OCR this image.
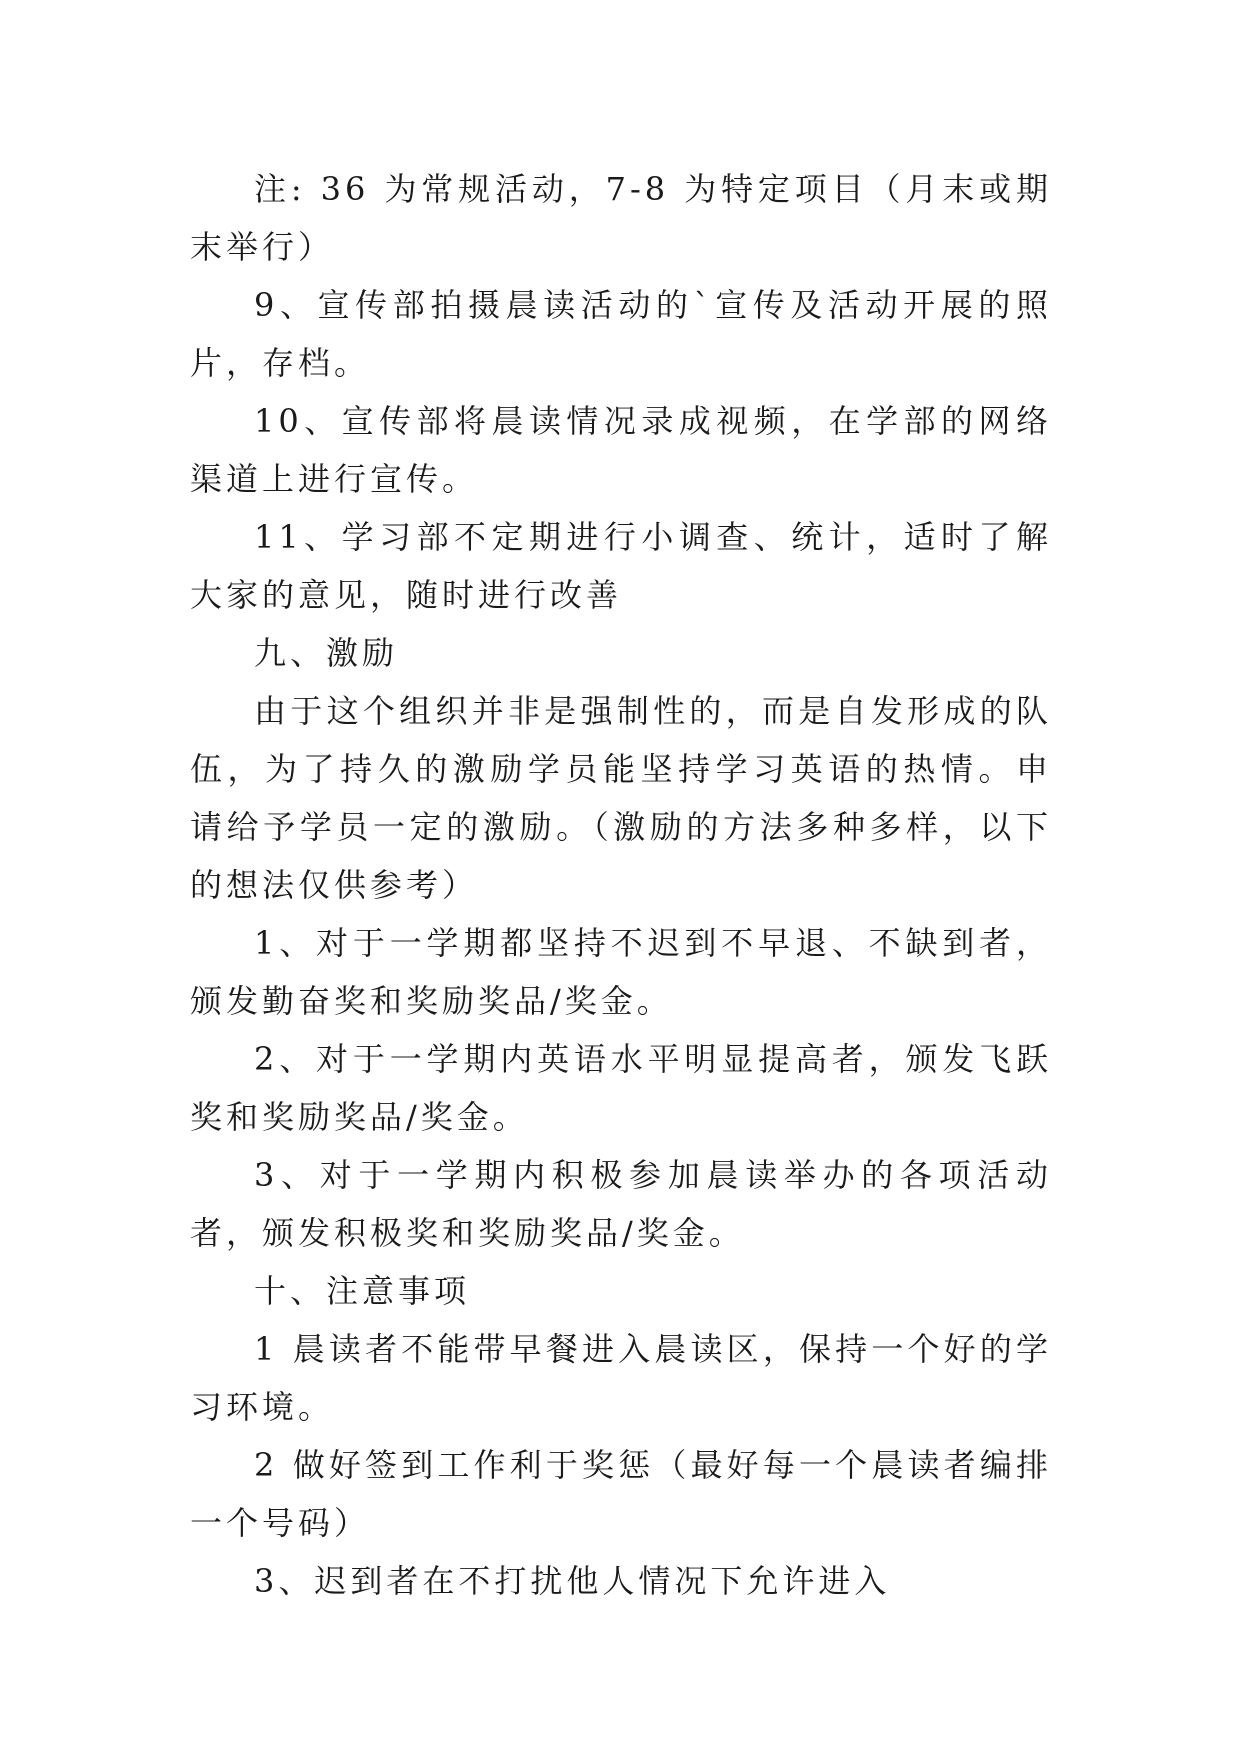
注: 36 为常规活动，7-8 为特定项目（月末或期末举行）

9、宣传部拍摄晨读活动的`宣传及活动开展的照片，存档。

10、宣传部将晨读情况录成视频，在学部的网络渠道上进行宣传。

11、学习部不定期进行小调查、统计，适时了解大家的意见，随时进行改善

九、激励

由于这个组织并非是强制性的，而是自发形成的队伍，为了持久的激励学员能坚持学习英语的热情。申请给予学员一定的激励。（激励的方法多种多样，以下的想法仅供参考）

1、对于一学期都坚持不迟到不早退、不缺到者，颁发勤奋奖和奖励奖品/奖金。

2、对于一学期内英语水平明显提高者，颁发飞跃奖和奖励奖品/奖金。

3、对于一学期内积极参加晨读举办的各项活动者，颁发积极奖和奖励奖品/奖金。

十、注意事项

1 晨读者不能带早餐进入晨读区，保持一个好的学习环境。

2 做好签到工作利于奖惩（最好每一个晨读者编排一个号码）

3、迟到者在不打扰他人情况下允许进入
